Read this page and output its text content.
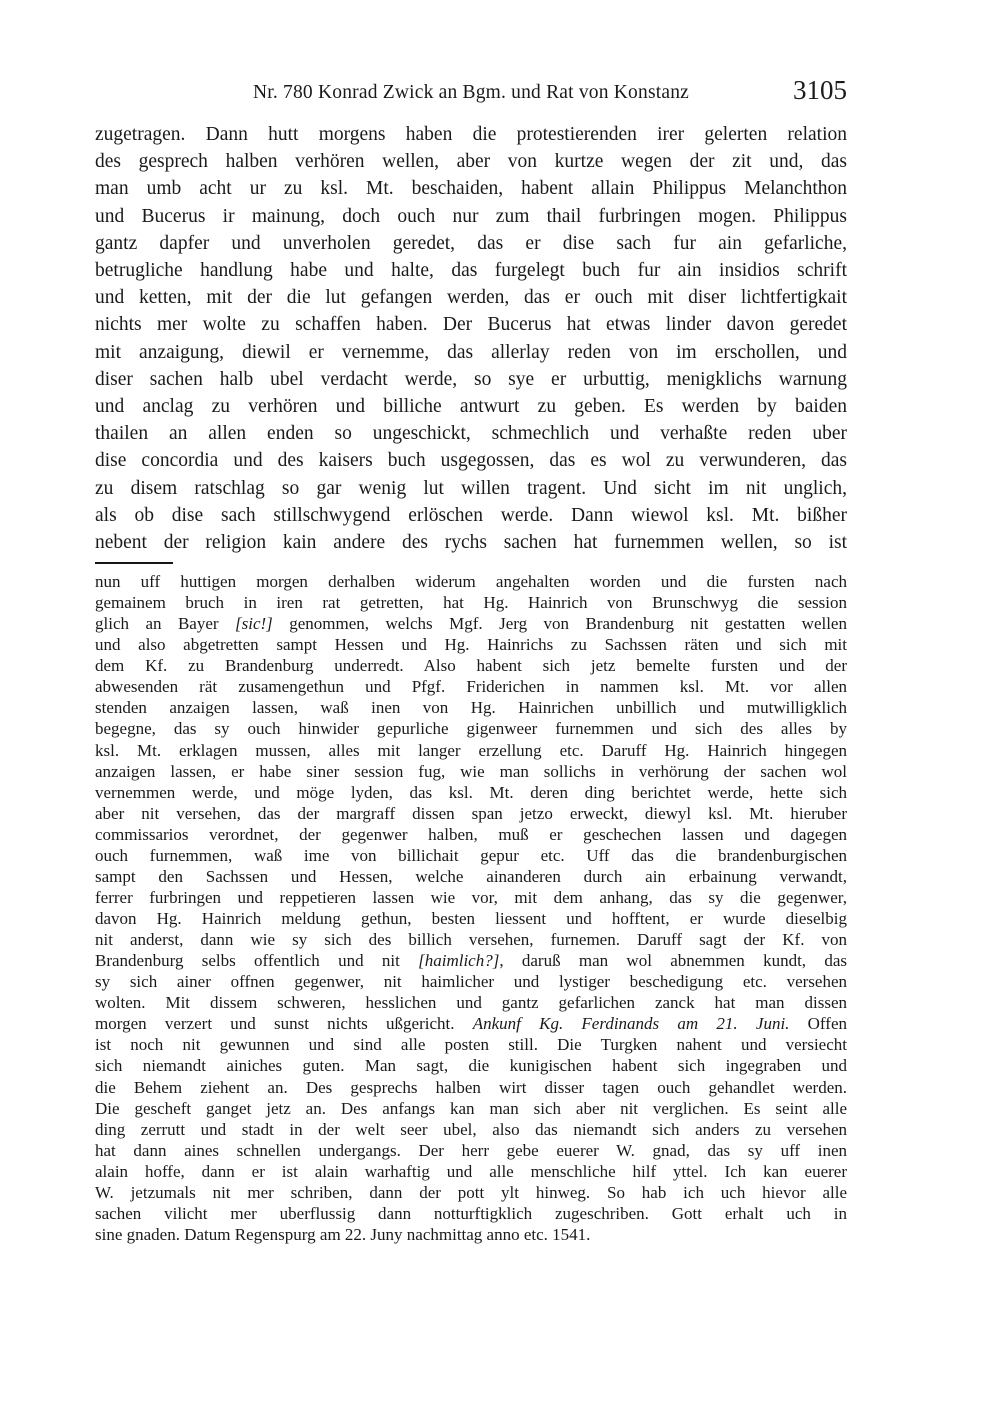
Nr. 780 Konrad Zwick an Bgm. und Rat von Konstanz	3105
zugetragen. Dann hutt morgens haben die protestierenden irer gelerten relation
des gesprech halben verhören wellen, aber von kurtze wegen der zit und, das
man umb acht ur zu ksl. Mt. beschaiden, habent allain Philippus Melanchthon
und Bucerus ir mainung, doch ouch nur zum thail furbringen mogen. Philippus
gantz dapfer und unverholen geredet, das er dise sach fur ain gefarliche,
betrugliche handlung habe und halte, das furgelegt buch fur ain insidios schrift
und ketten, mit der die lut gefangen werden, das er ouch mit diser lichtfertigkait
nichts mer wolte zu schaffen haben. Der Bucerus hat etwas linder davon geredet
mit anzaigung, diewil er vernemme, das allerlay reden von im erschollen, und
diser sachen halb ubel verdacht werde, so sye er urbuttig, menigklichs warnung
und anclag zu verhören und billiche antwurt zu geben. Es werden by baiden
thailen an allen enden so ungeschickt, schmechlich und verhaßte reden uber
dise concordia und des kaisers buch usgegossen, das es wol zu verwunderen, das
zu disem ratschlag so gar wenig lut willen tragent. Und sicht im nit unglich,
als ob dise sach stillschwygend erlöschen werde. Dann wiewol ksl. Mt. bißher
nebent der religion kain andere des rychs sachen hat furnemmen wellen, so ist
nun uff huttigen morgen derhalben widerum angehalten worden und die fursten nach
gemainem bruch in iren rat getretten, hat Hg. Hainrich von Brunschwyg die session
glich an Bayer [sic!] genommen, welchs Mgf. Jerg von Brandenburg nit gestatten wellen
und also abgetretten sampt Hessen und Hg. Hainrichs zu Sachssen räten und sich mit
dem Kf. zu Brandenburg underredt. Also habent sich jetz bemelte fursten und der
abwesenden rät zusamengethun und Pfgf. Friderichen in nammen ksl. Mt. vor allen
stenden anzaigen lassen, waß inen von Hg. Hainrichen unbillich und mutwilligklich
begegne, das sy ouch hinwider gepurliche gigenweer furnemmen und sich des alles by
ksl. Mt. erklagen mussen, alles mit langer erzellung etc. Daruff Hg. Hainrich hingegen
anzaigen lassen, er habe siner session fug, wie man sollichs in verhörung der sachen wol
vernemmen werde, und möge lyden, das ksl. Mt. deren ding berichtet werde, hette sich
aber nit versehen, das der margraff dissen span jetzo erweckt, diewyl ksl. Mt. hieruber
commissarios verordnet, der gegenwer halben, muß er geschechen lassen und dagegen
ouch furnemmen, waß ime von billichait gepur etc. Uff das die brandenburgischen
sampt den Sachssen und Hessen, welche ainanderen durch ain erbainung verwandt,
ferrer furbringen und reppetieren lassen wie vor, mit dem anhang, das sy die gegenwer,
davon Hg. Hainrich meldung gethun, besten liessent und hofftent, er wurde dieselbig
nit anderst, dann wie sy sich des billich versehen, furnemen. Daruff sagt der Kf. von
Brandenburg selbs offentlich und nit [haimlich?], daruß man wol abnemmen kundt, das
sy sich ainer offnen gegenwer, nit haimlicher und lystiger beschedigung etc. versehen
wolten. Mit dissem schweren, hesslichen und gantz gefarlichen zanck hat man dissen
morgen verzert und sunst nichts ußgericht. Ankunf Kg. Ferdinands am 21. Juni. Offen
ist noch nit gewunnen und sind alle posten still. Die Turgken nahent und versiecht
sich niemandt ainiches guten. Man sagt, die kunigischen habent sich ingegraben und
die Behem ziehent an. Des gesprechs halben wirt disser tagen ouch gehandlet werden.
Die gescheft ganget jetz an. Des anfangs kan man sich aber nit verglichen. Es seint alle
ding zerrutt und stadt in der welt seer ubel, also das niemandt sich anders zu versehen
hat dann aines schnellen undergangs. Der herr gebe euerer W. gnad, das sy uff inen
alain hoffe, dann er ist alain warhaftig und alle menschliche hilf yttel. Ich kan euerer
W. jetzumals nit mer schriben, dann der pott ylt hinweg. So hab ich uch hievor alle
sachen vilicht mer uberflussig dann notturftigklich zugeschriben. Gott erhalt uch in
sine gnaden. Datum Regenspurg am 22. Juny nachmittag anno etc. 1541.
